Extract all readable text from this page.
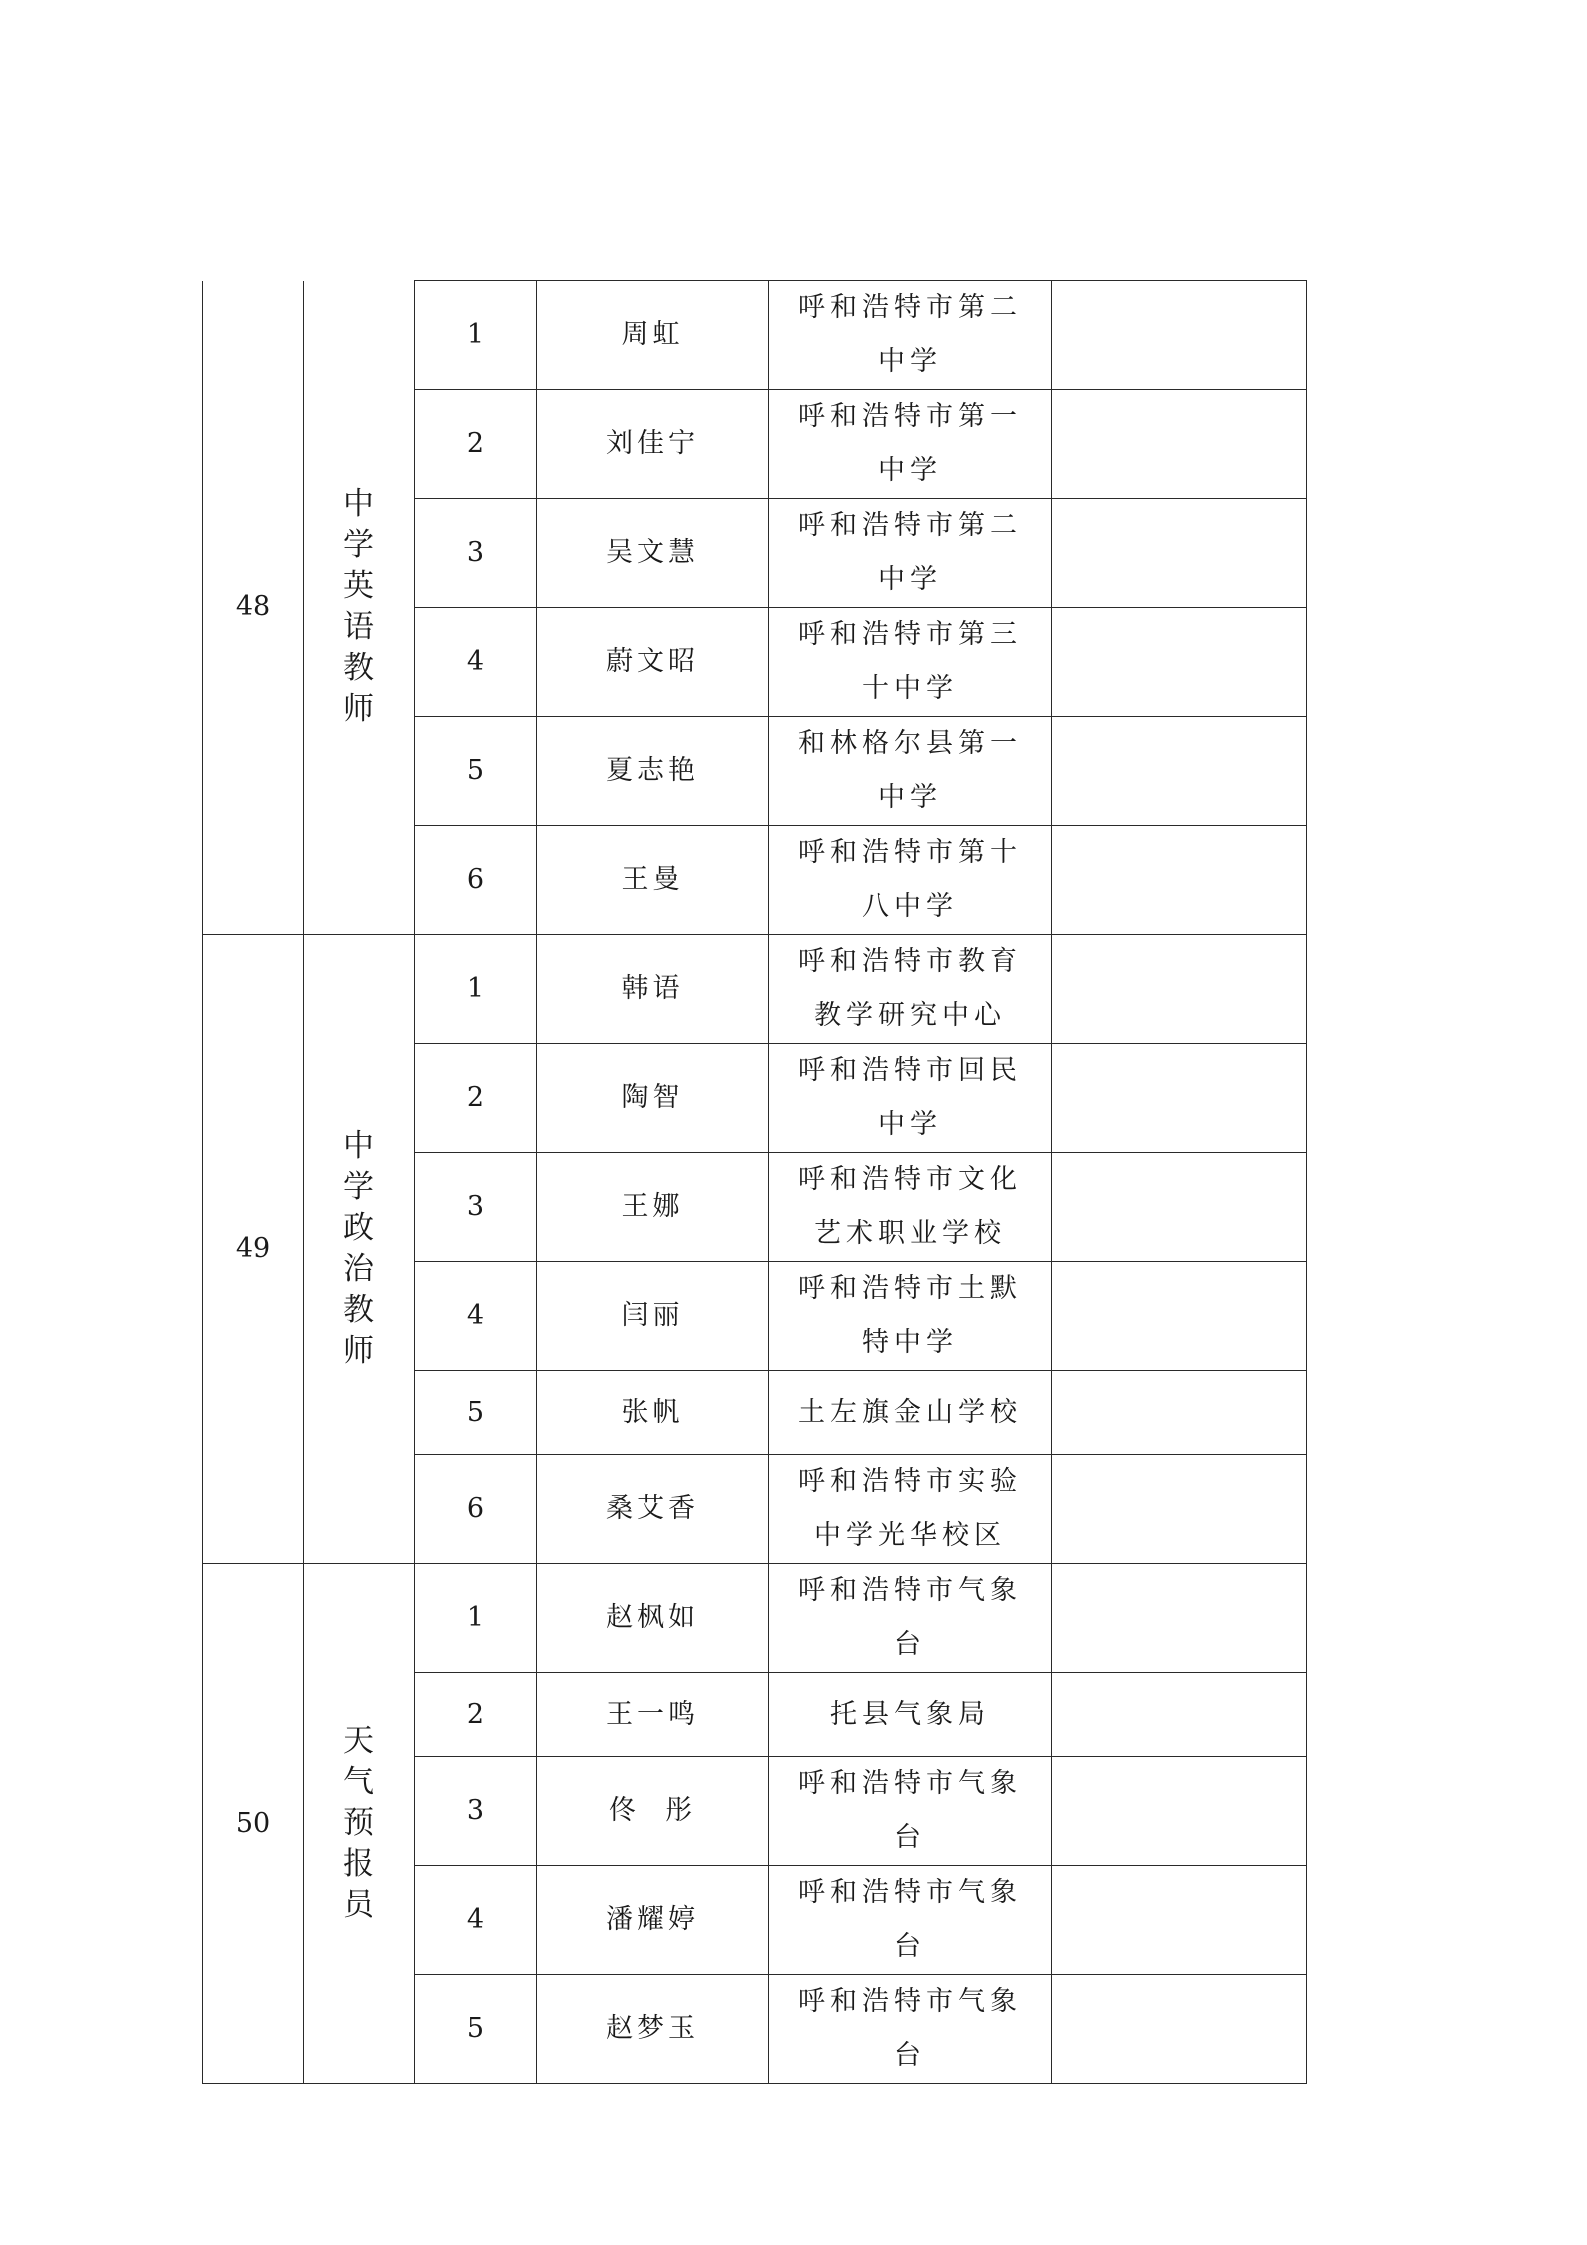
48	中学英语教师	1	周虹	呼和浩特市第二中学	
		2	刘佳宁	呼和浩特市第一中学	
		3	吴文慧	呼和浩特市第二中学	
		4	蔚文昭	呼和浩特市第三十中学	
		5	夏志艳	和林格尔县第一中学	
		6	王曼	呼和浩特市第十八中学	
49	中学政治教师	1	韩语	呼和浩特市教育教学研究中心	
		2	陶智	呼和浩特市回民中学	
		3	王娜	呼和浩特市文化艺术职业学校	
		4	闫丽	呼和浩特市土默特中学	
		5	张帆	土左旗金山学校	
		6	桑艾香	呼和浩特市实验中学光华校区	
50	天气预报员	1	赵枫如	呼和浩特市气象台	
		2	王一鸣	托县气象局	
		3	佟  彤	呼和浩特市气象台	
		4	潘耀婷	呼和浩特市气象台	
		5	赵梦玉	呼和浩特市气象台	
